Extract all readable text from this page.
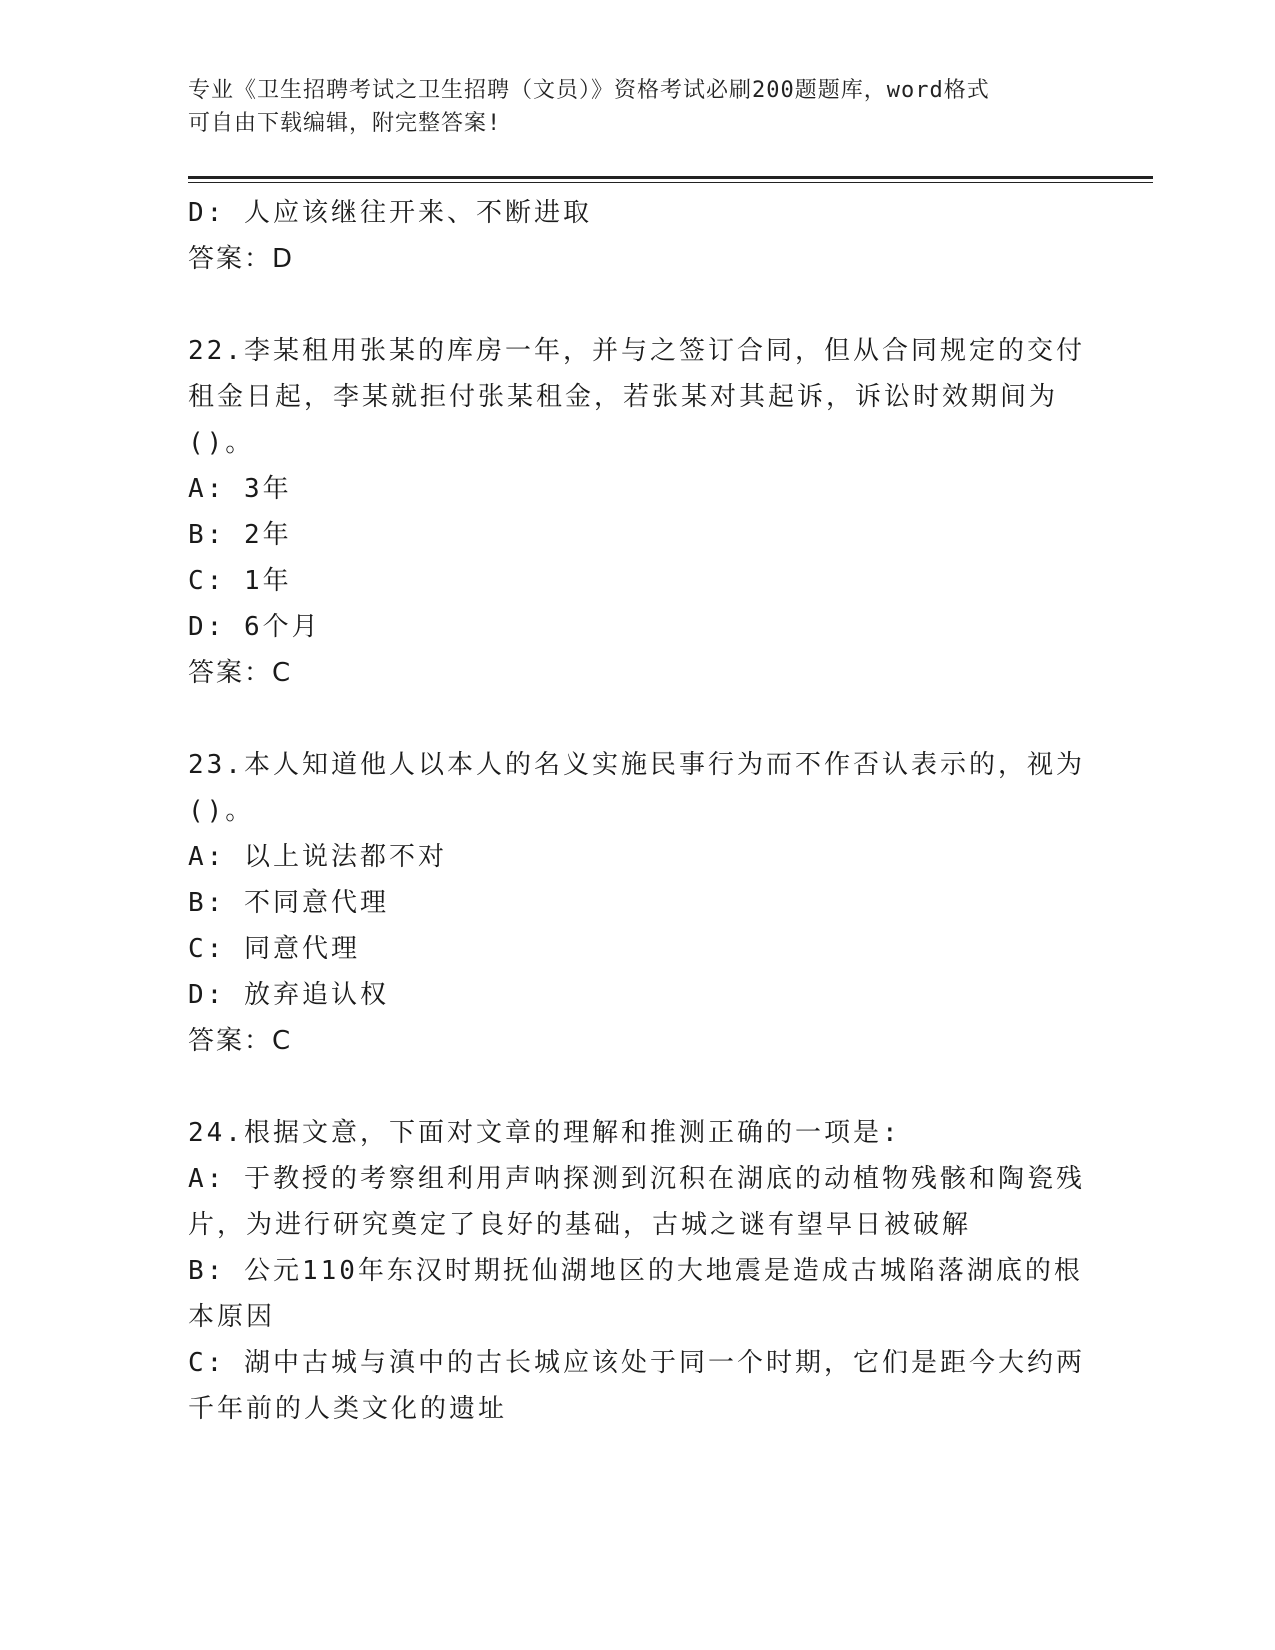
专业《卫生招聘考试之卫生招聘（文员）》资格考试必刷200题题库，word格式
可自由下载编辑，附完整答案!

D: 人应该继往开来、不断进取

答案：D

22.李某租用张某的库房一年，并与之签订合同，但从合同规定的交付

租金日起，李某就拒付张某租金，若张某对其起诉，诉讼时效期间为

()。

A: 3年

B: 2年

C: 1年

D: 6个月

答案：C

23.本人知道他人以本人的名义实施民事行为而不作否认表示的，视为

()。

A: 以上说法都不对

B: 不同意代理

C: 同意代理

D: 放弃追认权

答案：C

24.根据文意，下面对文章的理解和推测正确的一项是:

A: 于教授的考察组利用声呐探测到沉积在湖底的动植物残骸和陶瓷残

片，为进行研究奠定了良好的基础，古城之谜有望早日被破解

B: 公元110年东汉时期抚仙湖地区的大地震是造成古城陷落湖底的根

本原因

C: 湖中古城与滇中的古长城应该处于同一个时期，它们是距今大约两

千年前的人类文化的遗址
